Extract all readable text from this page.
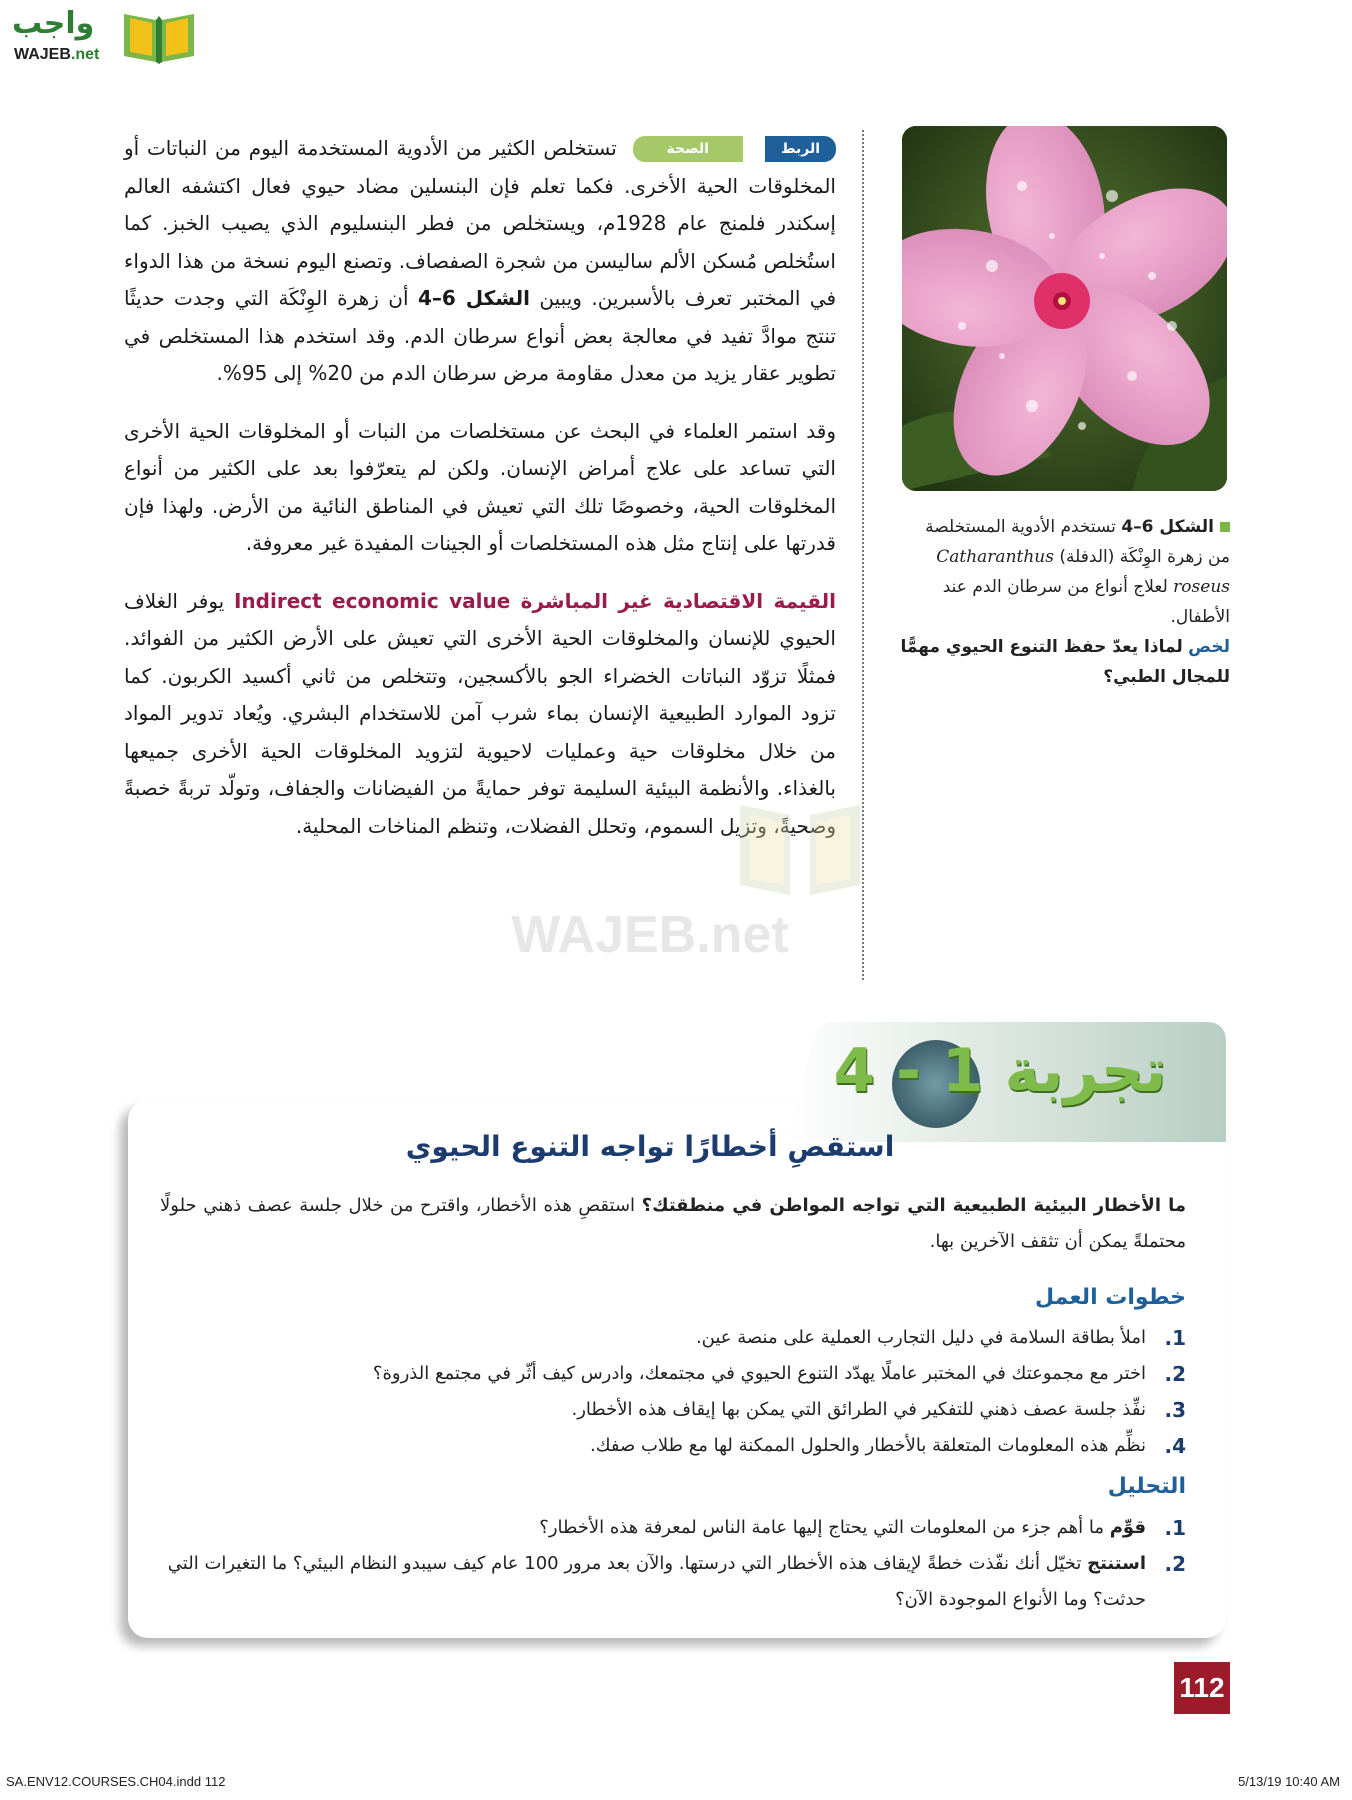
واجب
WAJEB.net

الربطالصحة تستخلص الكثير من الأدوية المستخدمة اليوم من النباتات أو المخلوقات الحية الأخرى. فكما تعلم فإن البنسلين مضاد حيوي فعال اكتشفه العالم إسكندر فلمنج عام 1928م، ويستخلص من فطر البنسليوم الذي يصيب الخبز. كما استُخلص مُسكن الألم ساليسن من شجرة الصفصاف. وتصنع اليوم نسخة من هذا الدواء في المختبر تعرف بالأسبرين. ويبين الشكل 6–4 أن زهرة الوِنْكَة التي وجدت حديثًا تنتج موادَّ تفيد في معالجة بعض أنواع سرطان الدم. وقد استخدم هذا المستخلص في تطوير عقار يزيد من معدل مقاومة مرض سرطان الدم من 20% إلى 95%.

وقد استمر العلماء في البحث عن مستخلصات من النبات أو المخلوقات الحية الأخرى التي تساعد على علاج أمراض الإنسان. ولكن لم يتعرّفوا بعد على الكثير من أنواع المخلوقات الحية، وخصوصًا تلك التي تعيش في المناطق النائية من الأرض. ولهذا فإن قدرتها على إنتاج مثل هذه المستخلصات أو الجينات المفيدة غير معروفة.

القيمة الاقتصادية غير المباشرة Indirect economic value يوفر الغلاف الحيوي للإنسان والمخلوقات الحية الأخرى التي تعيش على الأرض الكثير من الفوائد. فمثلًا تزوّد النباتات الخضراء الجو بالأكسجين، وتتخلص من ثاني أكسيد الكربون. كما تزود الموارد الطبيعية الإنسان بماء شرب آمن للاستخدام البشري. ويُعاد تدوير المواد من خلال مخلوقات حية وعمليات لاحيوية لتزويد المخلوقات الحية الأخرى جميعها بالغذاء. والأنظمة البيئية السليمة توفر حمايةً من الفيضانات والجفاف، وتولّد تربةً خصبةً وصحيةً، وتزيل السموم، وتحلل الفضلات، وتنظم المناخات المحلية.

الشكل 6–4 تستخدم الأدوية المستخلصة من زهرة الوِنْكَة (الدفلة) Catharanthus roseus لعلاج أنواع من سرطان الدم عند الأطفال.
لخص لماذا يعدّ حفظ التنوع الحيوي مهمًّا للمجال الطبي؟
WAJEB.net
تجربة 1 - 4
استقصِ أخطارًا تواجه التنوع الحيوي
ما الأخطار البيئية الطبيعية التي تواجه المواطن في منطقتك؟ استقصِ هذه الأخطار، واقترح من خلال جلسة عصف ذهني حلولًا محتملةً يمكن أن تثقف الآخرين بها.
خطوات العمل
1.
املأ بطاقة السلامة في دليل التجارب العملية على منصة عين.
2.
اختر مع مجموعتك في المختبر عاملًا يهدّد التنوع الحيوي في مجتمعك، وادرس كيف أثّر في مجتمع الذروة؟
3.
نفِّذ جلسة عصف ذهني للتفكير في الطرائق التي يمكن بها إيقاف هذه الأخطار.
4.
نظِّم هذه المعلومات المتعلقة بالأخطار والحلول الممكنة لها مع طلاب صفك.
التحليل
1.
قوِّم ما أهم جزء من المعلومات التي يحتاج إليها عامة الناس لمعرفة هذه الأخطار؟
2.
استنتج تخيّل أنك نفّذت خطةً لإيقاف هذه الأخطار التي درستها. والآن بعد مرور 100 عام كيف سيبدو النظام البيئي؟ ما التغيرات التي حدثت؟ وما الأنواع الموجودة الآن؟
112
SA.ENV12.COURSES.CH04.indd 112	5/13/19 10:40 AM
